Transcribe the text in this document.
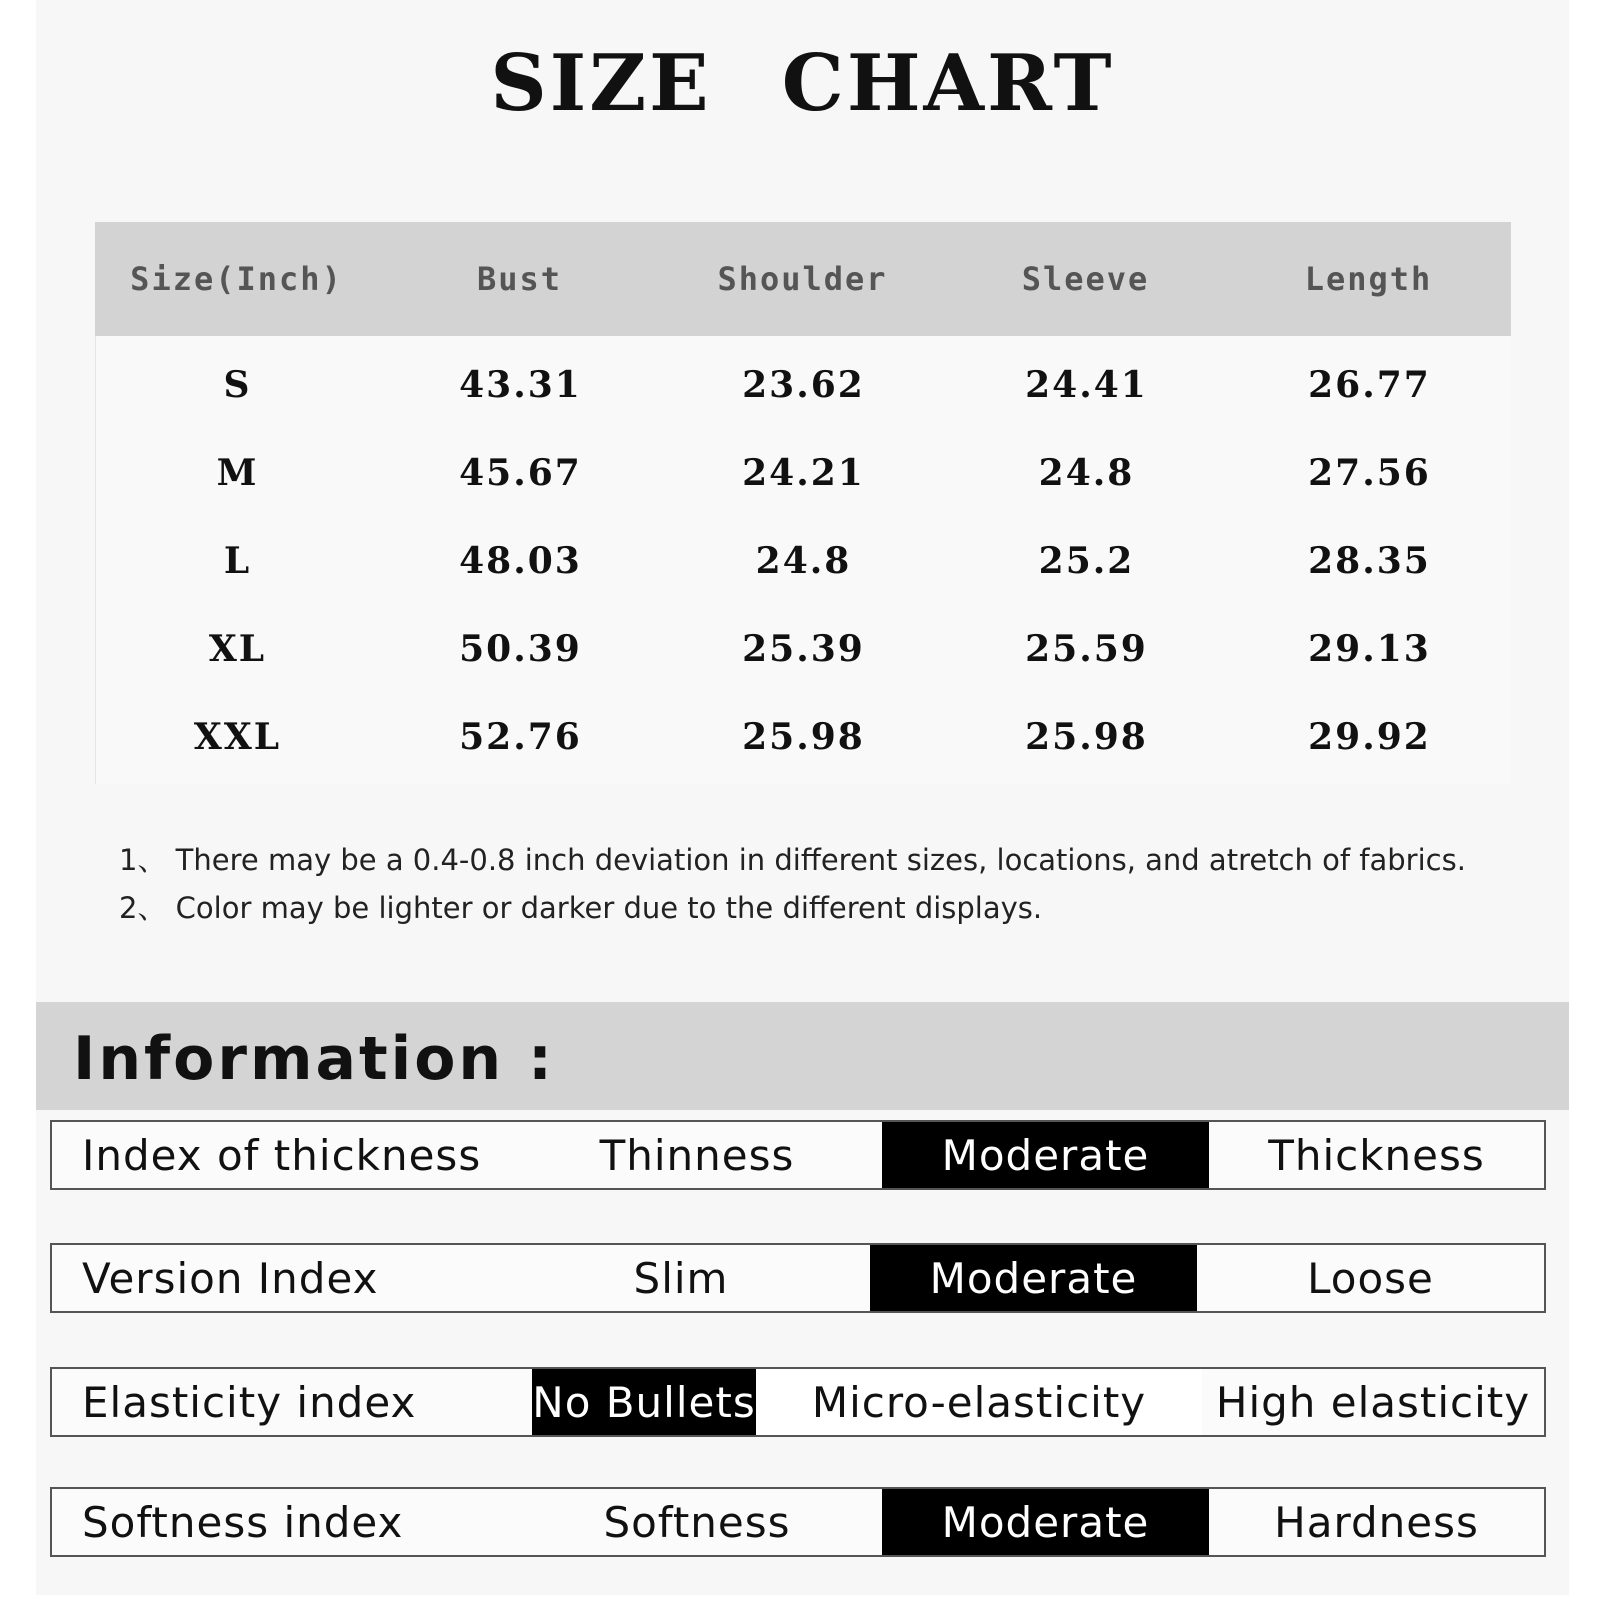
SIZE CHART
Size(Inch)	Bust	Shoulder	Sleeve	Length
S	43.31	23.62	24.41	26.77
M	45.67	24.21	24.8	27.56
L	48.03	24.8	25.2	28.35
XL	50.39	25.39	25.59	29.13
XXL	52.76	25.98	25.98	29.92
1、 There may be a 0.4-0.8 inch deviation in different sizes, locations, and atretch of fabrics.
2、 Color may be lighter or darker due to the different displays.
Information :
Index of thickness	Thinness	Moderate	Thickness
Version Index	Slim	Moderate	Loose
Elasticity index	No Bullets	Micro-elasticity	High elasticity
Softness index	Softness	Moderate	Hardness
